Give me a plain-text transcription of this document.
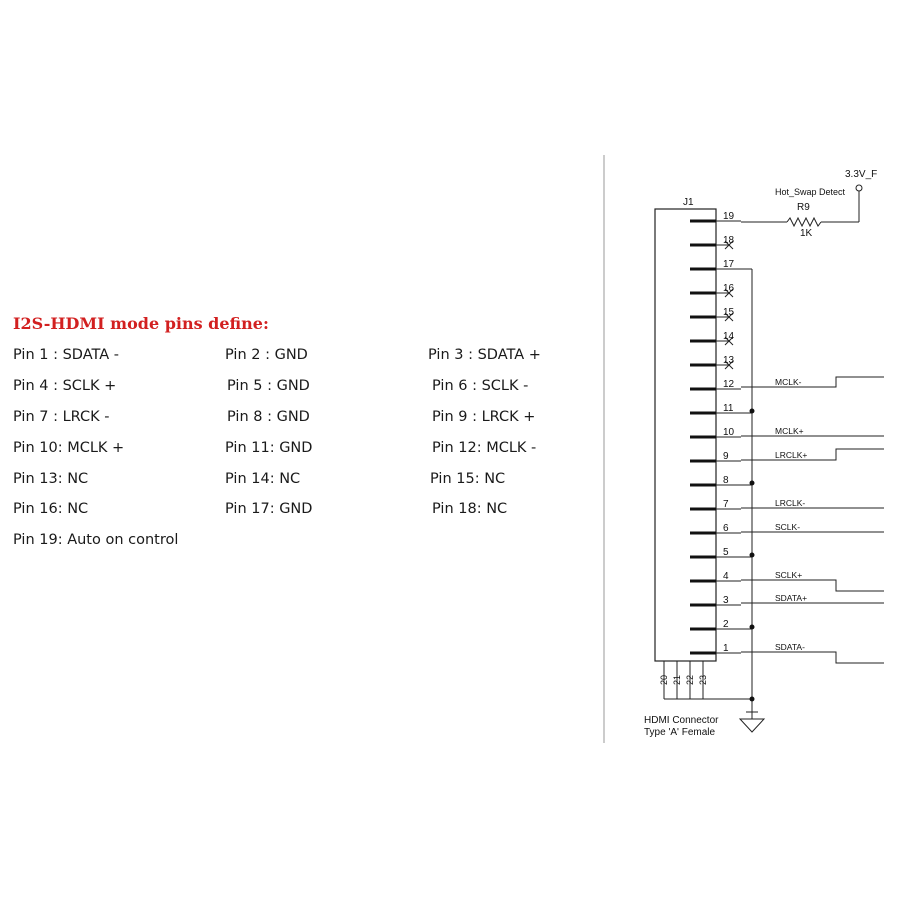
I2S-HDMI mode pins define:
Pin 1 : SDATA -	Pin 2 : GND	Pin 3 : SDATA +
Pin 4 : SCLK +	Pin 5 : GND	Pin 6 : SCLK -
Pin 7 : LRCK -	Pin 8 : GND	Pin 9 : LRCK +
Pin 10: MCLK +	Pin 11: GND	Pin 12: MCLK -
Pin 13: NC	Pin 14: NC	Pin 15: NC
Pin 16: NC	Pin 17: GND	Pin 18: NC
Pin 19: Auto on control
J1
19
18
17
16
15
14
13
12
11
10
9
8
7
6
5
4
3
2
1
3.3V_F
Hot_Swap Detect
R9
1K
20 21 22 23
HDMI Connector
Type 'A' Female
MCLK-
MCLK+
LRCLK+
LRCLK-
SCLK-
SCLK+
SDATA+
SDATA-
